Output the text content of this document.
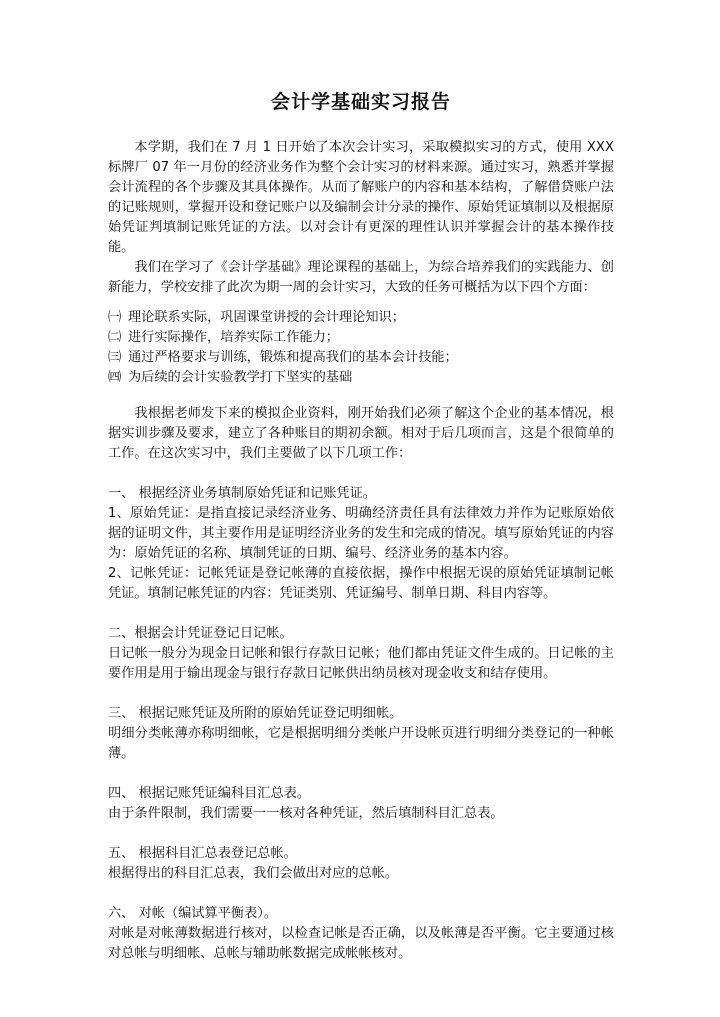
会计学基础实习报告

本学期，我们在 7 月 1 日开始了本次会计实习，采取模拟实习的方式，使用 XXX 标牌厂 07 年一月份的经济业务作为整个会计实习的材料来源。通过实习，熟悉并掌握会计流程的各个步骤及其具体操作。从而了解账户的内容和基本结构，了解借贷账户法的记账规则，掌握开设和登记账户以及编制会计分录的操作、原始凭证填制以及根据原始凭证判填制记账凭证的方法。以对会计有更深的理性认识并掌握会计的基本操作技能。

我们在学习了《会计学基础》理论课程的基础上，为综合培养我们的实践能力、创新能力，学校安排了此次为期一周的会计实习，大致的任务可概括为以下四个方面：

㈠ 理论联系实际，巩固课堂讲授的会计理论知识；
㈡ 进行实际操作，培养实际工作能力；
㈢ 通过严格要求与训练，锻炼和提高我们的基本会计技能；
㈣ 为后续的会计实验教学打下坚实的基础

我根据老师发下来的模拟企业资料，刚开始我们必须了解这个企业的基本情况，根据实训步骤及要求，建立了各种账目的期初余额。相对于后几项而言，这是个很简单的工作。在这次实习中，我们主要做了以下几项工作：

一、 根据经济业务填制原始凭证和记账凭证。

1、原始凭证：是指直接记录经济业务、明确经济责任具有法律效力并作为记账原始依据的证明文件，其主要作用是证明经济业务的发生和完成的情况。填写原始凭证的内容为：原始凭证的名称、填制凭证的日期、编号、经济业务的基本内容。

2、记帐凭证：记帐凭证是登记帐薄的直接依据，操作中根据无误的原始凭证填制记帐凭证。填制记帐凭证的内容：凭证类别、凭证编号、制单日期、科目内容等。

二、根据会计凭证登记日记帐。

日记帐一般分为现金日记帐和银行存款日记帐；他们都由凭证文件生成的。日记帐的主要作用是用于输出现金与银行存款日记帐供出纳员核对现金收支和结存使用。

三、 根据记账凭证及所附的原始凭证登记明细帐。

明细分类帐薄亦称明细帐，它是根据明细分类帐户开设帐页进行明细分类登记的一种帐薄。

四、 根据记账凭证编科目汇总表。

由于条件限制，我们需要一一核对各种凭证，然后填制科目汇总表。

五、 根据科目汇总表登记总帐。

根据得出的科目汇总表，我们会做出对应的总帐。

六、 对帐（编试算平衡表）。

对帐是对帐薄数据进行核对，以检查记帐是否正确，以及帐薄是否平衡。它主要通过核对总帐与明细帐、总帐与辅助帐数据完成帐帐核对。
